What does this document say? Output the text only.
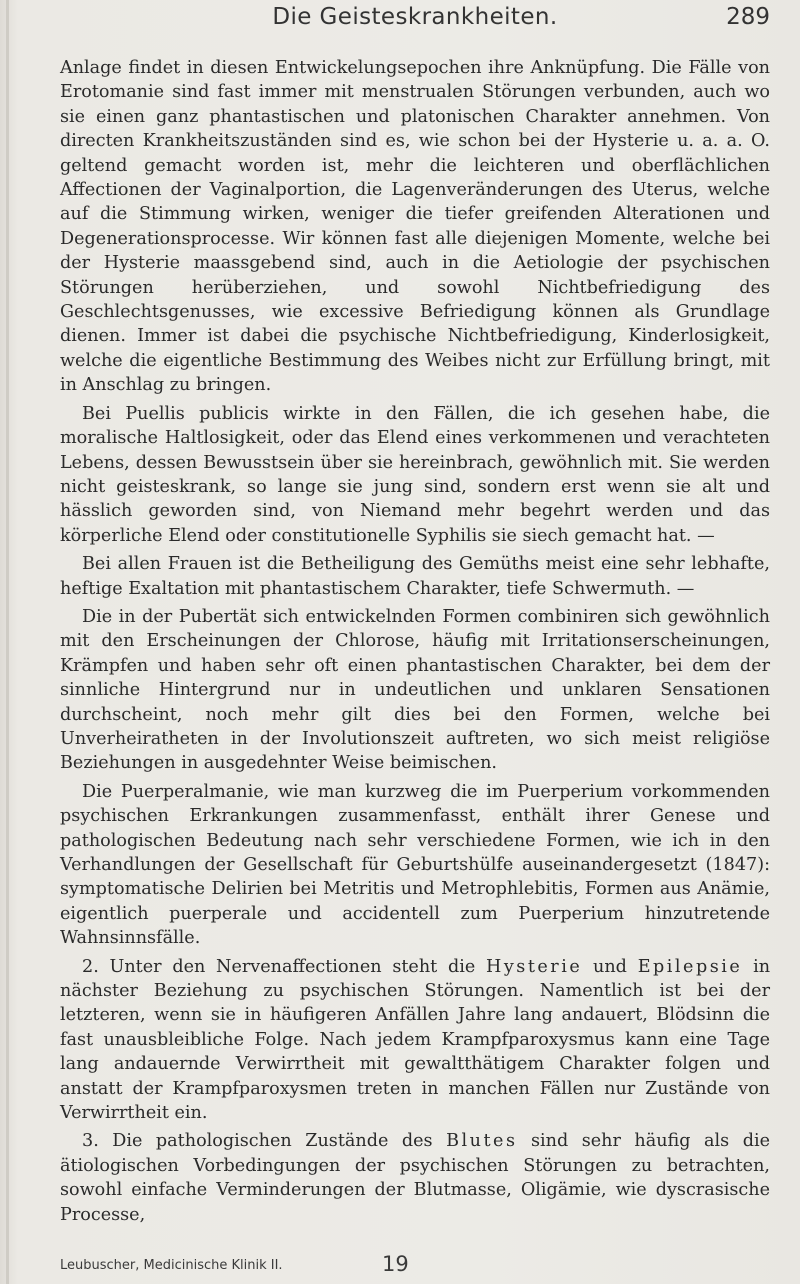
Die Geisteskrankheiten.	289

Anlage findet in diesen Entwickelungsepochen ihre Anknüpfung. Die Fälle von Erotomanie sind fast immer mit menstrualen Störungen verbunden, auch wo sie einen ganz phantastischen und platonischen Charakter annehmen. Von directen Krankheitszuständen sind es, wie schon bei der Hysterie u. a. a. O. geltend gemacht worden ist, mehr die leichteren und oberflächlichen Affectionen der Vaginalportion, die Lagenveränderungen des Uterus, welche auf die Stimmung wirken, weniger die tiefer greifenden Alterationen und Degenerationsprocesse. Wir können fast alle diejenigen Momente, welche bei der Hysterie maassgebend sind, auch in die Aetiologie der psychischen Störungen herüberziehen, und sowohl Nichtbefriedigung des Geschlechtsgenusses, wie excessive Befriedigung können als Grundlage dienen. Immer ist dabei die psychische Nichtbefriedigung, Kinderlosigkeit, welche die eigentliche Bestimmung des Weibes nicht zur Erfüllung bringt, mit in Anschlag zu bringen.

Bei Puellis publicis wirkte in den Fällen, die ich gesehen habe, die moralische Haltlosigkeit, oder das Elend eines verkommenen und verachteten Lebens, dessen Bewusstsein über sie hereinbrach, gewöhnlich mit. Sie werden nicht geisteskrank, so lange sie jung sind, sondern erst wenn sie alt und hässlich geworden sind, von Niemand mehr begehrt werden und das körperliche Elend oder constitutionelle Syphilis sie siech gemacht hat. —

Bei allen Frauen ist die Betheiligung des Gemüths meist eine sehr lebhafte, heftige Exaltation mit phantastischem Charakter, tiefe Schwermuth. —

Die in der Pubertät sich entwickelnden Formen combiniren sich gewöhnlich mit den Erscheinungen der Chlorose, häufig mit Irritationserscheinungen, Krämpfen und haben sehr oft einen phantastischen Charakter, bei dem der sinnliche Hintergrund nur in undeutlichen und unklaren Sensationen durchscheint, noch mehr gilt dies bei den Formen, welche bei Unverheiratheten in der Involutionszeit auftreten, wo sich meist religiöse Beziehungen in ausgedehnter Weise beimischen.

Die Puerperalmanie, wie man kurzweg die im Puerperium vorkommenden psychischen Erkrankungen zusammenfasst, enthält ihrer Genese und pathologischen Bedeutung nach sehr verschiedene Formen, wie ich in den Verhandlungen der Gesellschaft für Geburtshülfe auseinandergesetzt (1847): symptomatische Delirien bei Metritis und Metrophlebitis, Formen aus Anämie, eigentlich puerperale und accidentell zum Puerperium hinzutretende Wahnsinnsfälle.

2. Unter den Nervenaffectionen steht die Hysterie und Epilepsie in nächster Beziehung zu psychischen Störungen. Namentlich ist bei der letzteren, wenn sie in häufigeren Anfällen Jahre lang andauert, Blödsinn die fast unausbleibliche Folge. Nach jedem Krampfparoxysmus kann eine Tage lang andauernde Verwirrtheit mit gewaltthätigem Charakter folgen und anstatt der Krampfparoxysmen treten in manchen Fällen nur Zustände von Verwirrtheit ein.

3. Die pathologischen Zustände des Blutes sind sehr häufig als die ätiologischen Vorbedingungen der psychischen Störungen zu betrachten, sowohl einfache Verminderungen der Blutmasse, Oligämie, wie dyscrasische Processe,

Leubuscher, Medicinische Klinik II.	19
